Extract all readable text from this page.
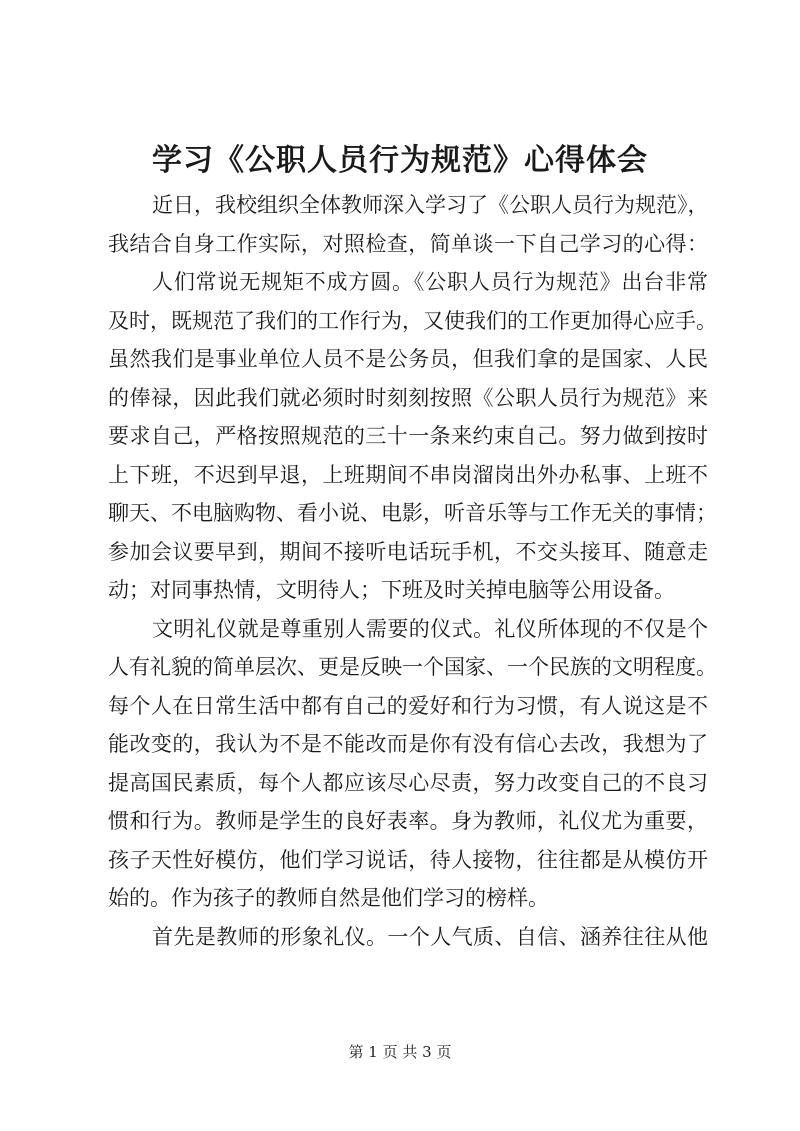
学习《公职人员行为规范》心得体会
近日，我校组织全体教师深入学习了《公职人员行为规范》，
我结合自身工作实际，对照检查，简单谈一下自己学习的心得：
人们常说无规矩不成方圆。《公职人员行为规范》出台非常
及时，既规范了我们的工作行为，又使我们的工作更加得心应手。
虽然我们是事业单位人员不是公务员，但我们拿的是国家、人民
的俸禄，因此我们就必须时时刻刻按照《公职人员行为规范》来
要求自己，严格按照规范的三十一条来约束自己。努力做到按时
上下班，不迟到早退，上班期间不串岗溜岗出外办私事、上班不
聊天、不电脑购物、看小说、电影，听音乐等与工作无关的事情；
参加会议要早到，期间不接听电话玩手机，不交头接耳、随意走
动；对同事热情，文明待人；下班及时关掉电脑等公用设备。
文明礼仪就是尊重别人需要的仪式。礼仪所体现的不仅是个
人有礼貌的简单层次、更是反映一个国家、一个民族的文明程度。
每个人在日常生活中都有自己的爱好和行为习惯，有人说这是不
能改变的，我认为不是不能改而是你有没有信心去改，我想为了
提高国民素质，每个人都应该尽心尽责，努力改变自己的不良习
惯和行为。教师是学生的良好表率。身为教师，礼仪尤为重要，
孩子天性好模仿，他们学习说话，待人接物，往往都是从模仿开
始的。作为孩子的教师自然是他们学习的榜样。
首先是教师的形象礼仪。一个人气质、自信、涵养往往从他
第 1 页 共 3 页
